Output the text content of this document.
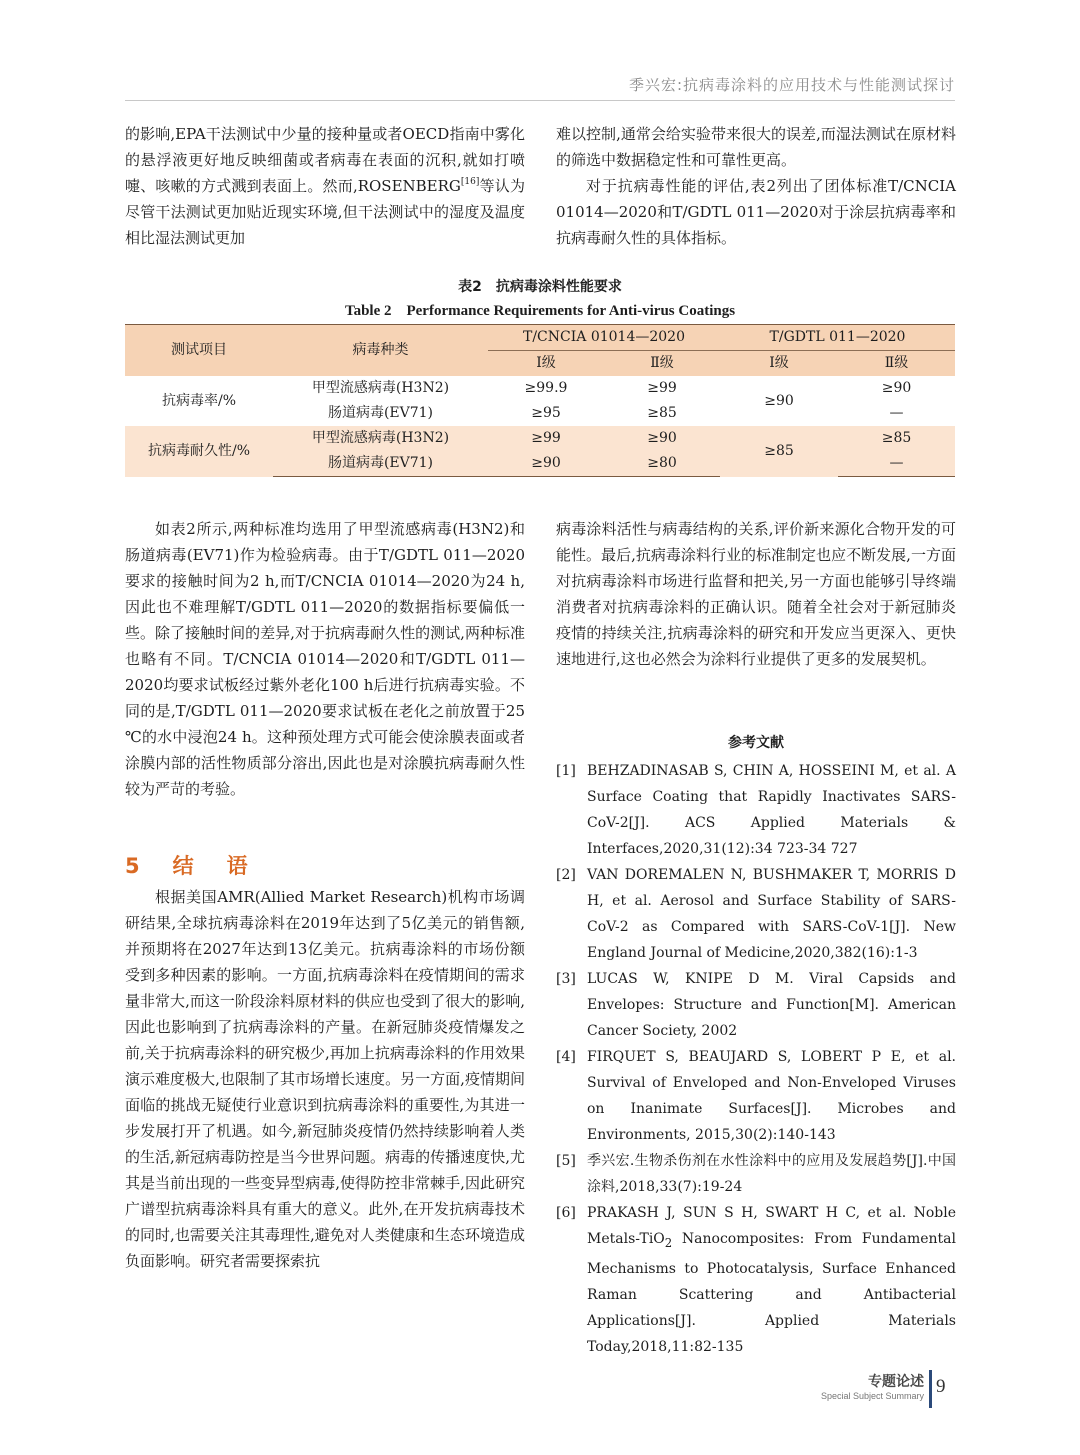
季兴宏:抗病毒涂料的应用技术与性能测试探讨

的影响,EPA干法测试中少量的接种量或者OECD指南中雾化的悬浮液更好地反映细菌或者病毒在表面的沉积,就如打喷嚏、咳嗽的方式溅到表面上。然而,ROSENBERG[16]等认为尽管干法测试更加贴近现实环境,但干法测试中的湿度及温度相比湿法测试更加

难以控制,通常会给实验带来很大的误差,而湿法测试在原材料的筛选中数据稳定性和可靠性更高。

对于抗病毒性能的评估,表2列出了团体标准T/CNCIA 01014—2020和T/GDTL 011—2020对于涂层抗病毒率和抗病毒耐久性的具体指标。

表2　抗病毒涂料性能要求
Table 2　Performance Requirements for Anti-virus Coatings
测试项目	病毒种类	T/CNCIA 01014—2020		T/GDTL 011—2020	
		Ⅰ级	Ⅱ级	Ⅰ级	Ⅱ级
抗病毒率/%	甲型流感病毒(H3N2)	≥99.9	≥99	≥90	≥90
	肠道病毒(EV71)	≥95	≥85		—
抗病毒耐久性/%	甲型流感病毒(H3N2)	≥99	≥90	≥85	≥85
	肠道病毒(EV71)	≥90	≥80		—

如表2所示,两种标准均选用了甲型流感病毒(H3N2)和肠道病毒(EV71)作为检验病毒。由于T/GDTL 011—2020要求的接触时间为2 h,而T/CNCIA 01014—2020为24 h,因此也不难理解T/GDTL 011—2020的数据指标要偏低一些。除了接触时间的差异,对于抗病毒耐久性的测试,两种标准也略有不同。T/CNCIA 01014—2020和T/GDTL 011—2020均要求试板经过紫外老化100 h后进行抗病毒实验。不同的是,T/GDTL 011—2020要求试板在老化之前放置于25 ℃的水中浸泡24 h。这种预处理方式可能会使涂膜表面或者涂膜内部的活性物质部分溶出,因此也是对涂膜抗病毒耐久性较为严苛的考验。

5　结　语

根据美国AMR(Allied Market Research)机构市场调研结果,全球抗病毒涂料在2019年达到了5亿美元的销售额,并预期将在2027年达到13亿美元。抗病毒涂料的市场份额受到多种因素的影响。一方面,抗病毒涂料在疫情期间的需求量非常大,而这一阶段涂料原材料的供应也受到了很大的影响,因此也影响到了抗病毒涂料的产量。在新冠肺炎疫情爆发之前,关于抗病毒涂料的研究极少,再加上抗病毒涂料的作用效果演示难度极大,也限制了其市场增长速度。另一方面,疫情期间面临的挑战无疑使行业意识到抗病毒涂料的重要性,为其进一步发展打开了机遇。如今,新冠肺炎疫情仍然持续影响着人类的生活,新冠病毒防控是当今世界问题。病毒的传播速度快,尤其是当前出现的一些变异型病毒,使得防控非常棘手,因此研究广谱型抗病毒涂料具有重大的意义。此外,在开发抗病毒技术的同时,也需要关注其毒理性,避免对人类健康和生态环境造成负面影响。研究者需要探索抗

病毒涂料活性与病毒结构的关系,评价新来源化合物开发的可能性。最后,抗病毒涂料行业的标准制定也应不断发展,一方面对抗病毒涂料市场进行监督和把关,另一方面也能够引导终端消费者对抗病毒涂料的正确认识。随着全社会对于新冠肺炎疫情的持续关注,抗病毒涂料的研究和开发应当更深入、更快速地进行,这也必然会为涂料行业提供了更多的发展契机。

参考文献
[1] BEHZADINASAB S, CHIN A, HOSSEINI M, et al. A Surface Coating that Rapidly Inactivates SARS-CoV-2[J]. ACS Applied Materials & Interfaces,2020,31(12):34 723-34 727
[2] VAN DOREMALEN N, BUSHMAKER T, MORRIS D H, et al. Aerosol and Surface Stability of SARS-CoV-2 as Compared with SARS-CoV-1[J]. New England Journal of Medicine,2020,382(16):1-3
[3] LUCAS W, KNIPE D M. Viral Capsids and Envelopes: Structure and Function[M]. American Cancer Society, 2002
[4] FIRQUET S, BEAUJARD S, LOBERT P E, et al. Survival of Enveloped and Non-Enveloped Viruses on Inanimate Surfaces[J]. Microbes and Environments, 2015,30(2):140-143
[5] 季兴宏.生物杀伤剂在水性涂料中的应用及发展趋势[J].中国涂料,2018,33(7):19-24
[6] PRAKASH J, SUN S H, SWART H C, et al. Noble Metals-TiO$_2$ Nanocomposites: From Fundamental Mechanisms to Photocatalysis, Surface Enhanced Raman Scattering and Antibacterial Applications[J]. Applied Materials Today,2018,11:82-135
专题论述
Special Subject Summary 9
